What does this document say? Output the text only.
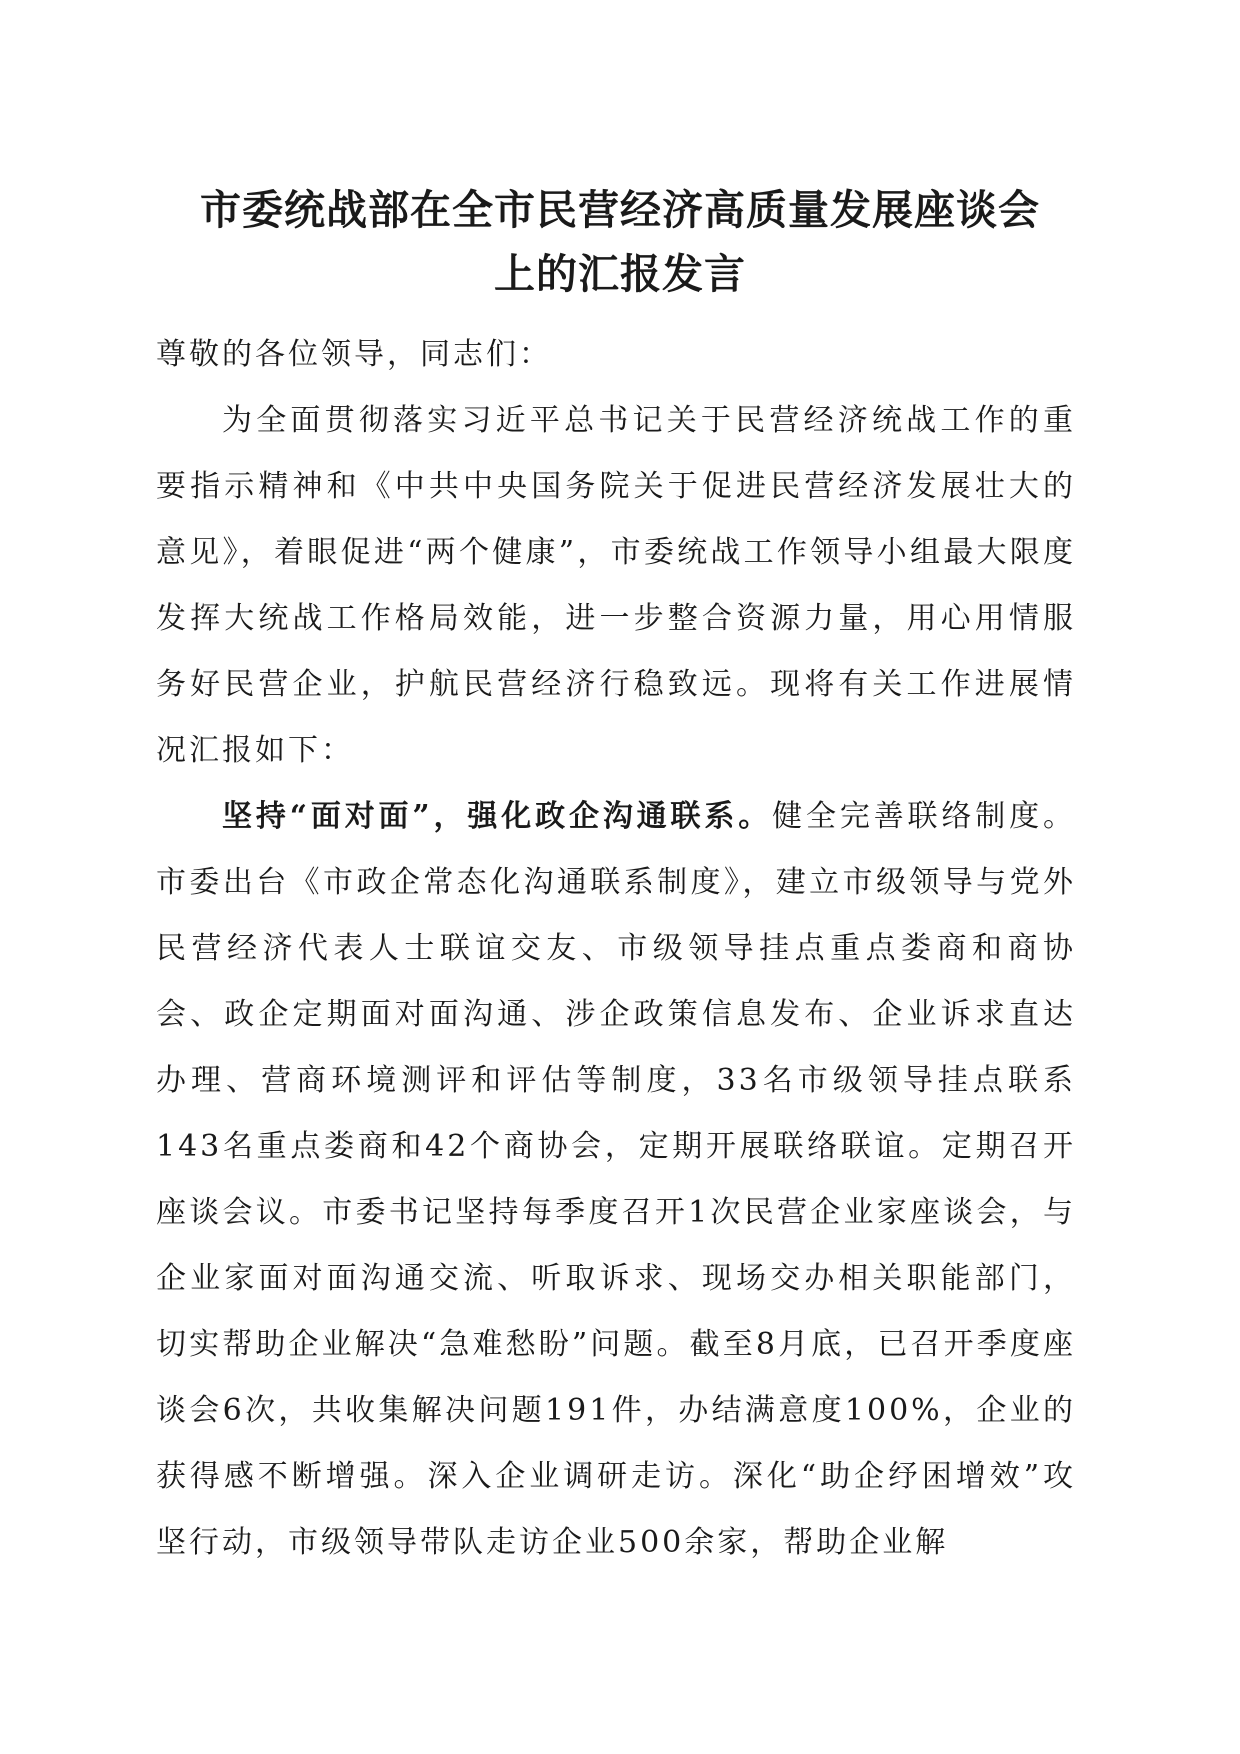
市委统战部在全市民营经济高质量发展座谈会
上的汇报发言

尊敬的各位领导，同志们：

为全面贯彻落实习近平总书记关于民营经济统战工作的重要指示精神和《中共中央国务院关于促进民营经济发展壮大的意见》，着眼促进“两个健康”，市委统战工作领导小组最大限度发挥大统战工作格局效能，进一步整合资源力量，用心用情服务好民营企业，护航民营经济行稳致远。现将有关工作进展情况汇报如下：

坚持“面对面”，强化政企沟通联系。健全完善联络制度。市委出台《市政企常态化沟通联系制度》，建立市级领导与党外民营经济代表人士联谊交友、市级领导挂点重点娄商和商协会、政企定期面对面沟通、涉企政策信息发布、企业诉求直达办理、营商环境测评和评估等制度，33名市级领导挂点联系143名重点娄商和42个商协会，定期开展联络联谊。定期召开座谈会议。市委书记坚持每季度召开1次民营企业家座谈会，与企业家面对面沟通交流、听取诉求、现场交办相关职能部门，切实帮助企业解决“急难愁盼”问题。截至8月底，已召开季度座谈会6次，共收集解决问题191件，办结满意度100%，企业的获得感不断增强。深入企业调研走访。深化“助企纾困增效”攻坚行动，市级领导带队走访企业500余家，帮助企业解
